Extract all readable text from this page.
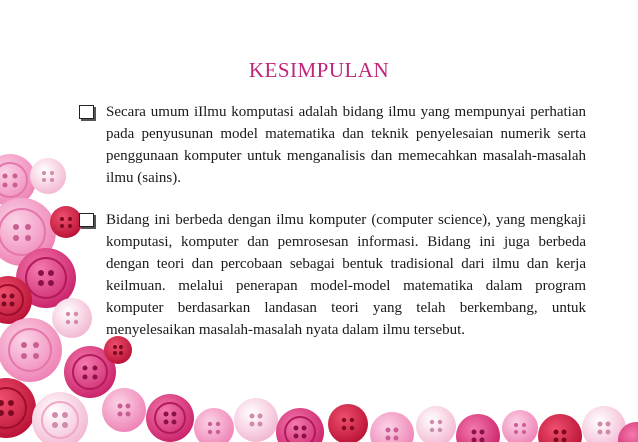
KESIMPULAN
Secara umum iIlmu komputasi adalah bidang ilmu yang mempunyai perhatian pada penyusunan model matematika dan teknik penyelesaian numerik serta penggunaan komputer untuk menganalisis dan memecahkan masalah-masalah ilmu (sains).
Bidang ini berbeda dengan ilmu komputer (computer science), yang mengkaji komputasi, komputer dan pemrosesan informasi. Bidang ini juga berbeda dengan teori dan percobaan sebagai bentuk tradisional dari ilmu dan kerja keilmuan. melalui penerapan model-model matematika dalam program komputer berdasarkan landasan teori yang telah berkembang, untuk menyelesaikan masalah-masalah nyata dalam ilmu tersebut.
